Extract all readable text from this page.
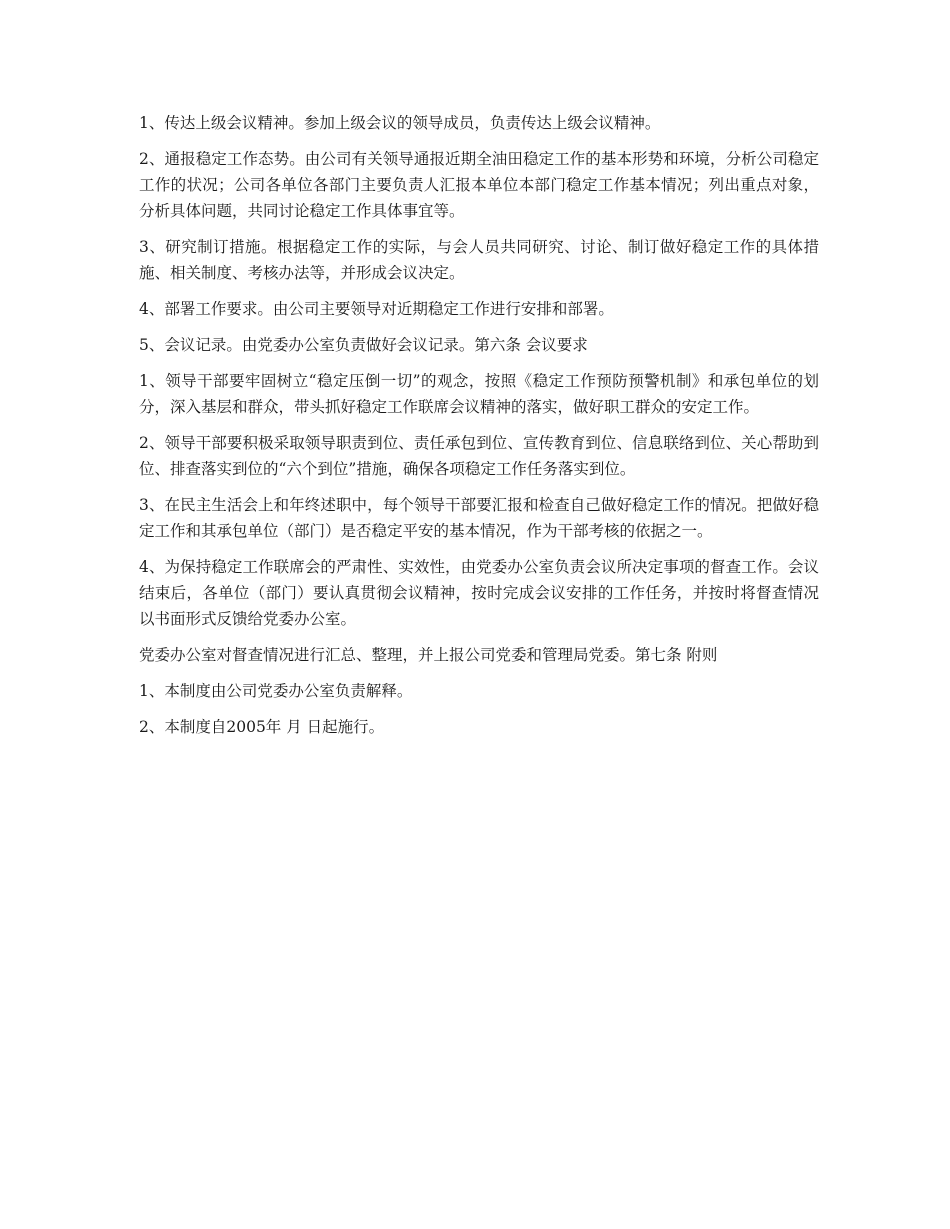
1、传达上级会议精神。参加上级会议的领导成员，负责传达上级会议精神。

2、通报稳定工作态势。由公司有关领导通报近期全油田稳定工作的基本形势和环境，分析公司稳定工作的状况；公司各单位各部门主要负责人汇报本单位本部门稳定工作基本情况；列出重点对象，分析具体问题，共同讨论稳定工作具体事宜等。

3、研究制订措施。根据稳定工作的实际，与会人员共同研究、讨论、制订做好稳定工作的具体措施、相关制度、考核办法等，并形成会议决定。

4、部署工作要求。由公司主要领导对近期稳定工作进行安排和部署。

5、会议记录。由党委办公室负责做好会议记录。第六条 会议要求

1、领导干部要牢固树立“稳定压倒一切”的观念，按照《稳定工作预防预警机制》和承包单位的划分，深入基层和群众，带头抓好稳定工作联席会议精神的落实，做好职工群众的安定工作。

2、领导干部要积极采取领导职责到位、责任承包到位、宣传教育到位、信息联络到位、关心帮助到位、排查落实到位的“六个到位”措施，确保各项稳定工作任务落实到位。

3、在民主生活会上和年终述职中，每个领导干部要汇报和检查自己做好稳定工作的情况。把做好稳定工作和其承包单位（部门）是否稳定平安的基本情况，作为干部考核的依据之一。

4、为保持稳定工作联席会的严肃性、实效性，由党委办公室负责会议所决定事项的督查工作。会议结束后，各单位（部门）要认真贯彻会议精神，按时完成会议安排的工作任务，并按时将督查情况以书面形式反馈给党委办公室。

党委办公室对督查情况进行汇总、整理，并上报公司党委和管理局党委。第七条 附则

1、本制度由公司党委办公室负责解释。

2、本制度自2005年 月 日起施行。
